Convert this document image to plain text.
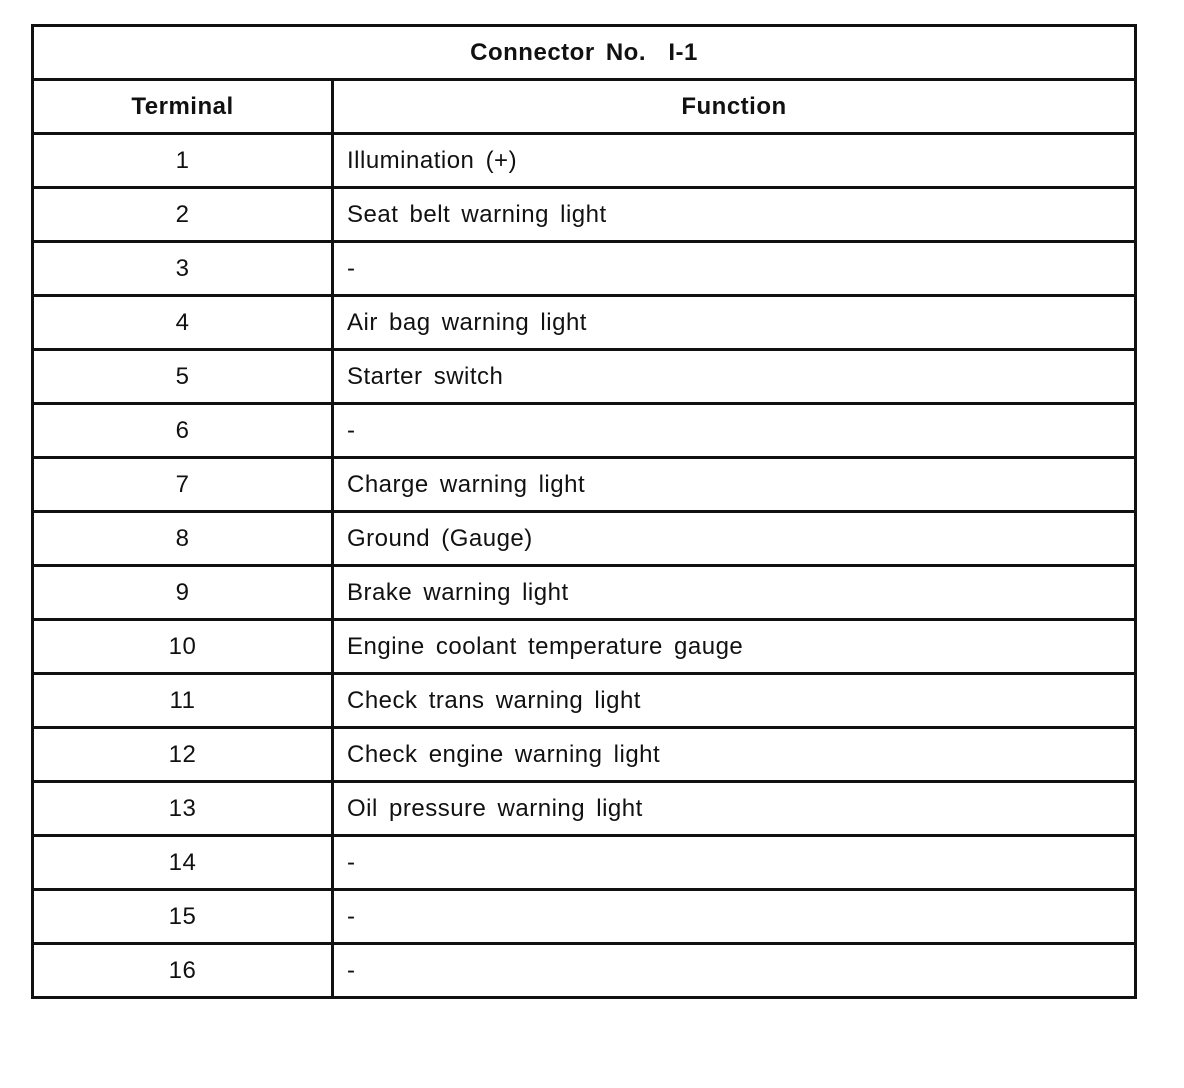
Connector No.  I-1	
Terminal	Function
1	Illumination (+)
2	Seat belt warning light
3	-
4	Air bag warning light
5	Starter switch
6	-
7	Charge warning light
8	Ground (Gauge)
9	Brake warning light
10	Engine coolant temperature gauge
11	Check trans warning light
12	Check engine warning light
13	Oil pressure warning light
14	-
15	-
16	-
